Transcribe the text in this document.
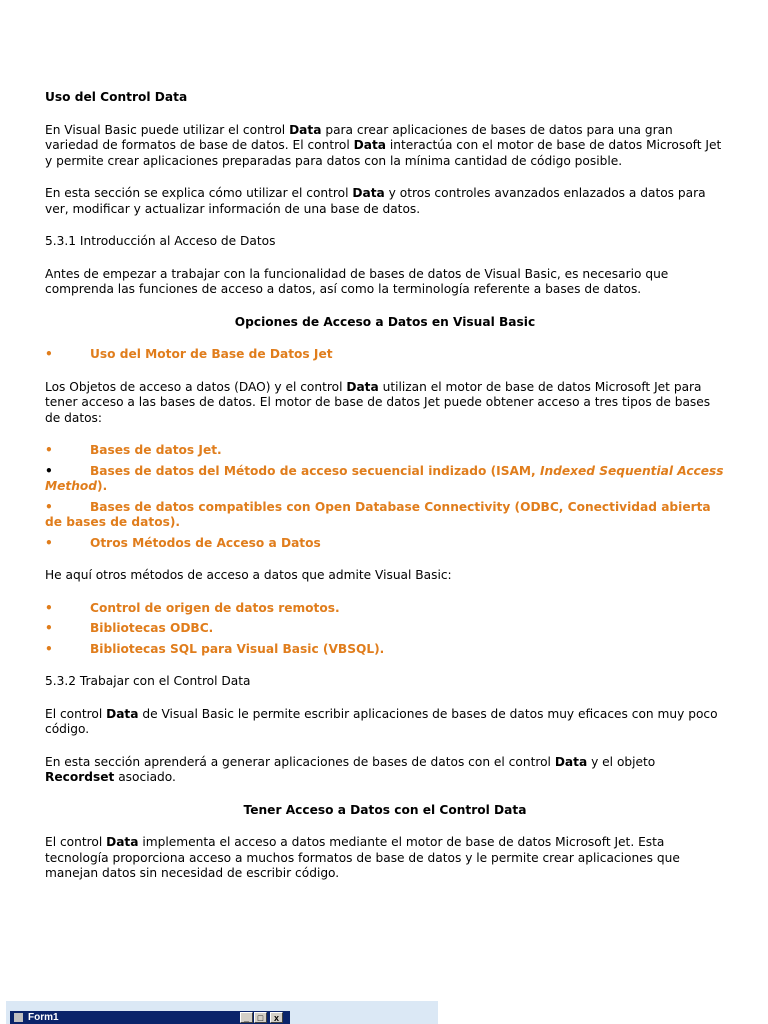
Uso del Control Data

En Visual Basic puede utilizar el control Data para crear aplicaciones de bases de datos para una gran variedad de formatos de base de datos. El control Data interactúa con el motor de base de datos Microsoft Jet y permite crear aplicaciones preparadas para datos con la mínima cantidad de código posible.

En esta sección se explica cómo utilizar el control Data y otros controles avanzados enlazados a datos para ver, modificar y actualizar información de una base de datos.

5.3.1 Introducción al Acceso de Datos

Antes de empezar a trabajar con la funcionalidad de bases de datos de Visual Basic, es necesario que comprenda las funciones de acceso a datos, así como la terminología referente a bases de datos.

Opciones de Acceso a Datos en Visual Basic
•	Uso del Motor de Base de Datos Jet

Los Objetos de acceso a datos (DAO) y el control Data utilizan el motor de base de datos Microsoft Jet para tener acceso a las bases de datos. El motor de base de datos Jet puede obtener acceso a tres tipos de bases de datos:

•	Bases de datos Jet.
•	Bases de datos del Método de acceso secuencial indizado (ISAM, Indexed Sequential Access Method).
•	Bases de datos compatibles con Open Database Connectivity (ODBC, Conectividad abierta de bases de datos).
•	Otros Métodos de Acceso a Datos

He aquí otros métodos de acceso a datos que admite Visual Basic:

•	Control de origen de datos remotos.
•	Bibliotecas ODBC.
•	Bibliotecas SQL para Visual Basic (VBSQL).

5.3.2 Trabajar con el Control Data

El control Data de Visual Basic le permite escribir aplicaciones de bases de datos muy eficaces con muy poco código.

En esta sección aprenderá a generar aplicaciones de bases de datos con el control Data y el objeto Recordset asociado.

Tener Acceso a Datos con el Control Data

El control Data implementa el acceso a datos mediante el motor de base de datos Microsoft Jet. Esta tecnología proporciona acceso a muchos formatos de base de datos y le permite crear aplicaciones que manejan datos sin necesidad de escribir código.

Form1	_ □	x
